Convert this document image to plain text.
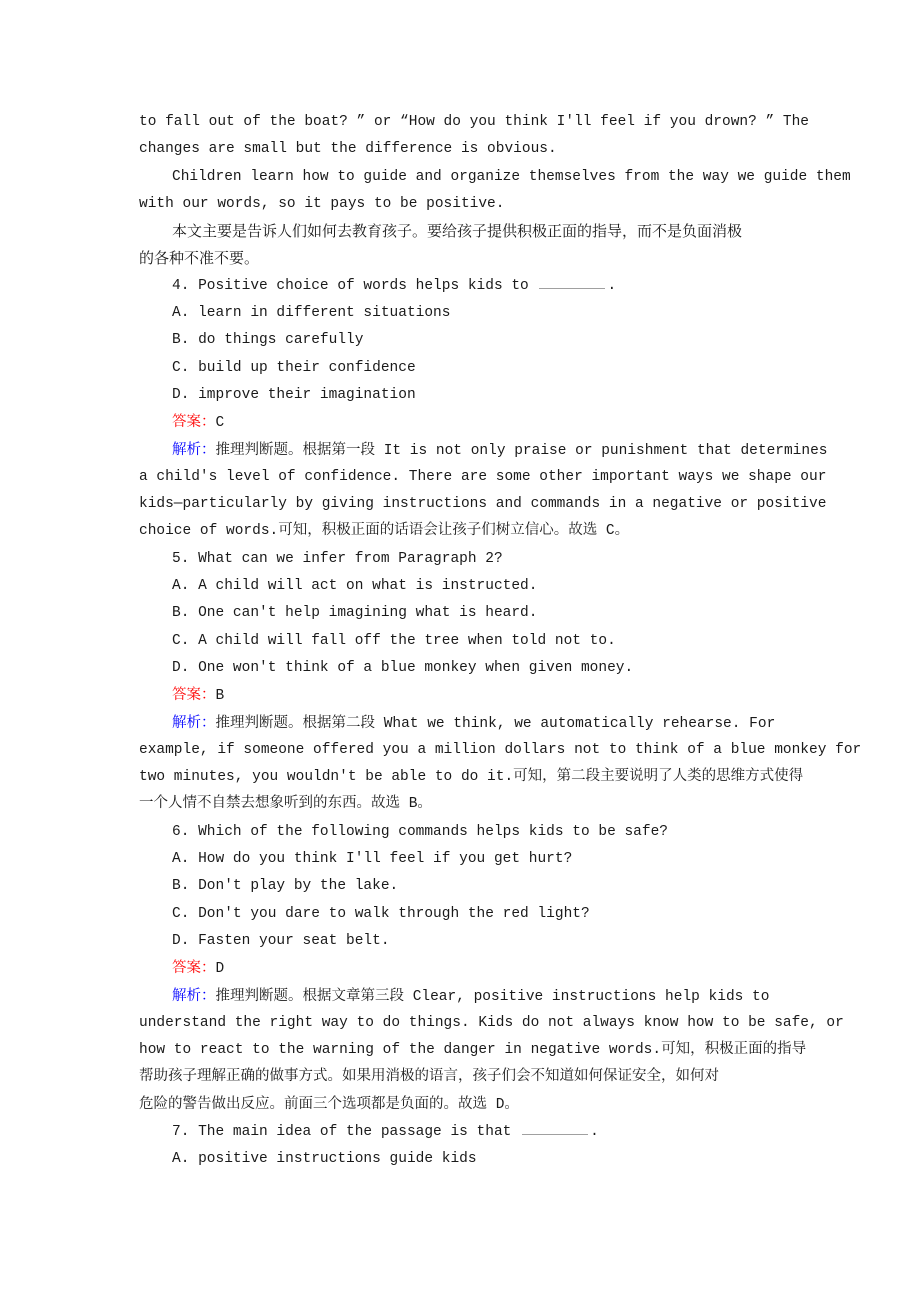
to fall out of the boat? ” or “How do you think I'll feel if you drown? ” The
changes are small but the difference is obvious.
Children learn how to guide and organize themselves from the way we guide them
with our words, so it pays to be positive.
本文主要是告诉人们如何去教育孩子。要给孩子提供积极正面的指导，而不是负面消极
的各种不准不要。
4. Positive choice of words helps kids to	.
A. learn in different situations
B. do things carefully
C. build up their confidence
D. improve their imagination
答案：C
解析：推理判断题。根据第一段 It is not only praise or punishment that determines
a child's level of confidence. There are some other important ways we shape our
kids—particularly by giving instructions and commands in a negative or positive
choice of words.可知，积极正面的话语会让孩子们树立信心。故选 C。
5. What can we infer from Paragraph 2?
A. A child will act on what is instructed.
B. One can't help imagining what is heard.
C. A child will fall off the tree when told not to.
D. One won't think of a blue monkey when given money.
答案：B
解析：推理判断题。根据第二段 What we think, we automatically rehearse. For
example, if someone offered you a million dollars not to think of a blue monkey for
two minutes, you wouldn't be able to do it.可知，第二段主要说明了人类的思维方式使得
一个人情不自禁去想象听到的东西。故选 B。
6. Which of the following commands helps kids to be safe?
A. How do you think I'll feel if you get hurt?
B. Don't play by the lake.
C. Don't you dare to walk through the red light?
D. Fasten your seat belt.
答案：D
解析：推理判断题。根据文章第三段 Clear, positive instructions help kids to
understand the right way to do things. Kids do not always know how to be safe, or
how to react to the warning of the danger in negative words.可知，积极正面的指导
帮助孩子理解正确的做事方式。如果用消极的语言，孩子们会不知道如何保证安全，如何对
危险的警告做出反应。前面三个选项都是负面的。故选 D。
7. The main idea of the passage is that	.
A. positive instructions guide kids
